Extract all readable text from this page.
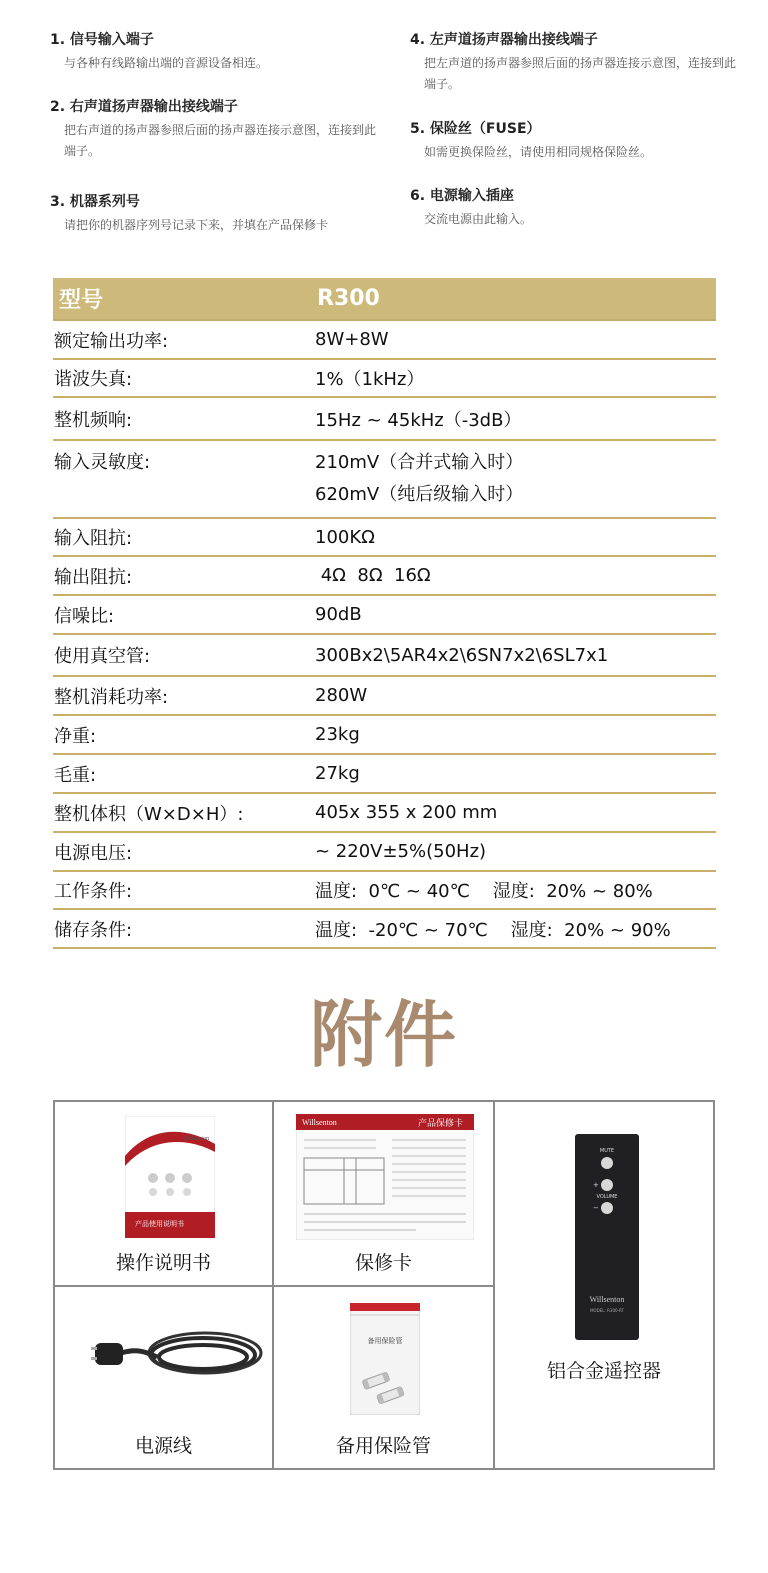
1. 信号输入端子

与各种有线路输出端的音源设备相连。

2. 右声道扬声器输出接线端子

把右声道的扬声器参照后面的扬声器连接示意图，连接到此端子。

3. 机器系列号

请把你的机器序列号记录下来，并填在产品保修卡

4. 左声道扬声器输出接线端子

把左声道的扬声器参照后面的扬声器连接示意图，连接到此端子。

5. 保险丝（FUSE）

如需更换保险丝，请使用相同规格保险丝。

6. 电源输入插座

交流电源由此输入。

型号	R300
额定输出功率:	8W+8W
谐波失真:	1%（1kHz）
整机频响:	15Hz ~ 45kHz（-3dB）
输入灵敏度:	210mV（合并式输入时）
620mV（纯后级输入时）
输入阻抗:	100KΩ
输出阻抗:	4Ω  8Ω  16Ω
信噪比:	90dB
使用真空管:	300Bx2\5AR4x2\6SN7x2\6SL7x1
整机消耗功率:	280W
净重:	23kg
毛重:	27kg
整机体积（W×D×H）:	405x 355 x 200 mm
电源电压:	~ 220V±5%(50Hz)
工作条件:	温度:  0℃ ~ 40℃    湿度:  20% ~ 80%
储存条件:	温度:  -20℃ ~ 70℃    湿度:  20% ~ 90%
附件
Willsenton
产品使用说明书
操作说明书
Willsenton	产品保修卡
保修卡
MUTE
+
VOLUME
−
Willsenton
MODEL: R300-RT
铝合金遥控器
电源线
备用保险管
备用保险管
